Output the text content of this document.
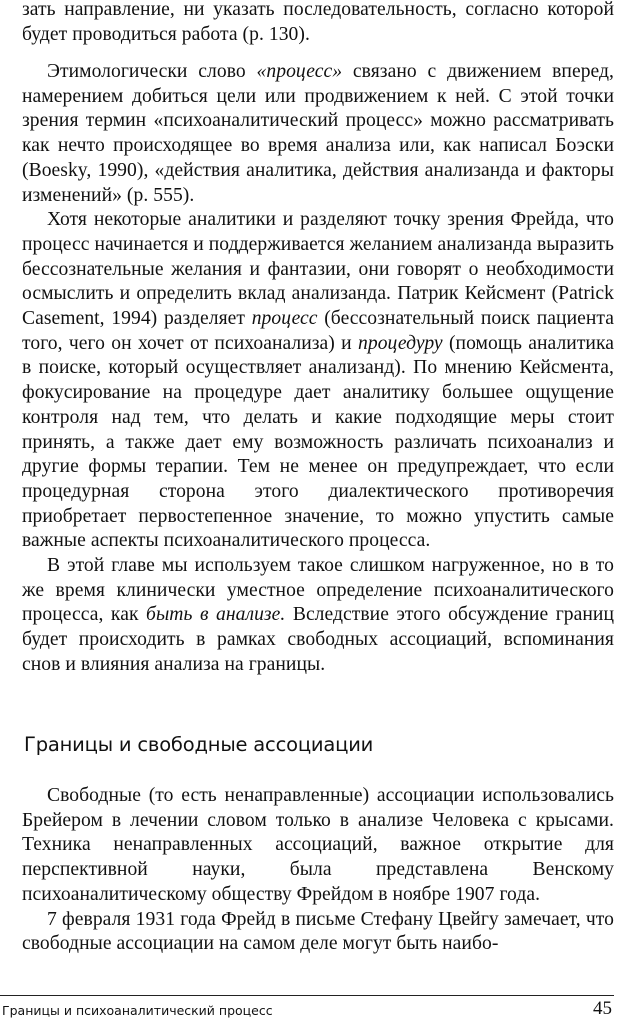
зать направление, ни указать последовательность, согласно которой будет проводиться работа (р. 130).

Этимологически слово «процесс» связано с движением вперед, намерением добиться цели или продвижением к ней. С этой точки зрения термин «психоаналитический процесс» можно рассматривать как нечто происходящее во время анализа или, как написал Боэски (Boesky, 1990), «действия аналитика, действия анализанда и факторы изменений» (р. 555).

Хотя некоторые аналитики и разделяют точку зрения Фрейда, что процесс начинается и поддерживается желанием анализанда выразить бессознательные желания и фантазии, они говорят о необходимости осмыслить и определить вклад анализанда. Патрик Кейсмент (Patrick Casement, 1994) разделяет процесс (бессознательный поиск пациента того, чего он хочет от психоанализа) и процедуру (помощь аналитика в поиске, который осуществляет анализанд). По мнению Кейсмента, фокусирование на процедуре дает аналитику большее ощущение контроля над тем, что делать и какие подходящие меры стоит принять, а также дает ему возможность различать психоанализ и другие формы терапии. Тем не менее он предупреждает, что если процедурная сторона этого диалектического противоречия приобретает первостепенное значение, то можно упустить самые важные аспекты психоаналитического процесса.

В этой главе мы используем такое слишком нагруженное, но в то же время клинически уместное определение психоаналитического процесса, как быть в анализе. Вследствие этого обсуждение границ будет происходить в рамках свободных ассоциаций, вспоминания снов и влияния анализа на границы.

Границы и свободные ассоциации

Свободные (то есть ненаправленные) ассоциации использовались Брейером в лечении словом только в анализе Человека с крысами. Техника ненаправленных ассоциаций, важное открытие для перспективной науки, была представлена Венскому психоаналитическому обществу Фрейдом в ноябре 1907 года.

7 февраля 1931 года Фрейд в письме Стефану Цвейгу замечает, что свободные ассоциации на самом деле могут быть наибо-

Границы и психоаналитический процесс	45
